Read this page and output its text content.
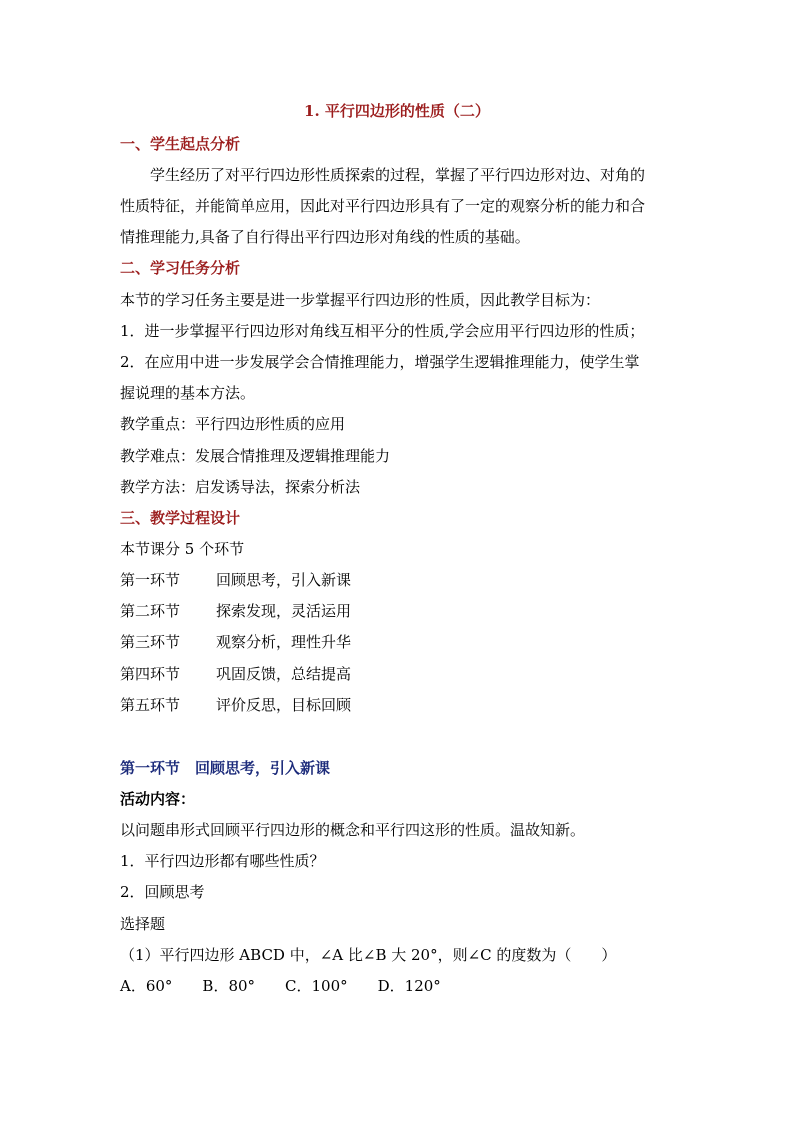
1. 平行四边形的性质（二）
一、学生起点分析
学生经历了对平行四边形性质探索的过程，掌握了平行四边形对边、对角的
性质特征，并能简单应用，因此对平行四边形具有了一定的观察分析的能力和合
情推理能力,具备了自行得出平行四边形对角线的性质的基础。
二、学习任务分析
本节的学习任务主要是进一步掌握平行四边形的性质，因此教学目标为：
1．进一步掌握平行四边形对角线互相平分的性质,学会应用平行四边形的性质；
2．在应用中进一步发展学会合情推理能力，增强学生逻辑推理能力，使学生掌
握说理的基本方法。
教学重点：平行四边形性质的应用
教学难点：发展合情推理及逻辑推理能力
教学方法：启发诱导法，探索分析法
三、教学过程设计
本节课分 5 个环节
第一环节 回顾思考，引入新课
第二环节 探索发现，灵活运用
第三环节 观察分析，理性升华
第四环节 巩固反馈，总结提高
第五环节 评价反思，目标回顾
第一环节　回顾思考，引入新课
活动内容：
以问题串形式回顾平行四边形的概念和平行四这形的性质。温故知新。
1．平行四边形都有哪些性质？
2．回顾思考
选择题
（1）平行四边形 ABCD 中，∠A 比∠B 大 20°，则∠C 的度数为（　　）
A．60°　　B．80°　　C．100°　　D．120°
